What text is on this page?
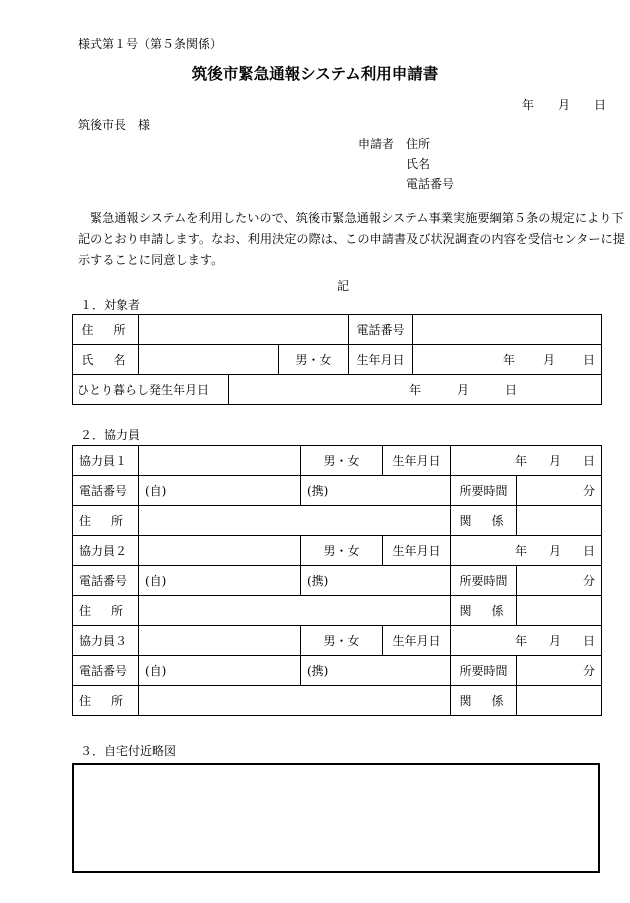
様式第１号（第５条関係）
筑後市緊急通報システム利用申請書
年 月 日
筑後市長　様
申請者 住所
氏名
電話番号

緊急通報システムを利用したいので、筑後市緊急通報システム事業実施要綱第５条の規定により下

記のとおり申請します。なお、利用決定の際は、この申請書及び状況調査の内容を受信センターに提

示することに同意します。

記
１．対象者
住　所				電話番号	
氏　名			男・女	生年月日	年 月 日
ひとり暮らし発生年月日		年 月 日			
２．協力員
協力員１		男・女	生年月日	年 月 日	
電話番号	(自)	(携)		所要時間	分
住　所				関　係	
協力員２		男・女	生年月日	年 月 日	
電話番号	(自)	(携)		所要時間	分
住　所				関　係	
協力員３		男・女	生年月日	年 月 日	
電話番号	(自)	(携)		所要時間	分
住　所				関　係	
３．自宅付近略図
